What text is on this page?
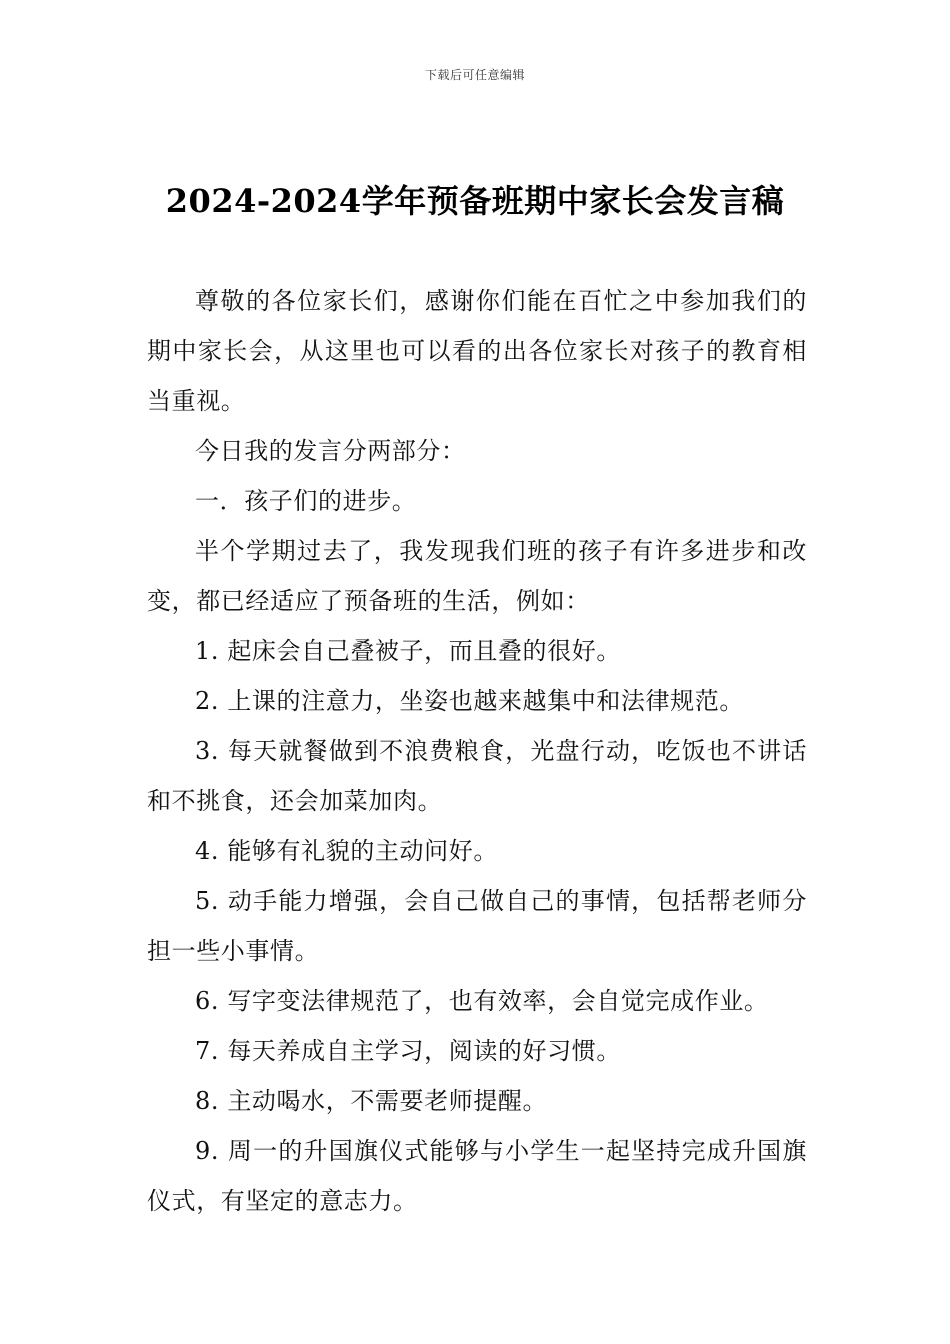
下载后可任意编辑
2024-2024学年预备班期中家长会发言稿

尊敬的各位家长们，感谢你们能在百忙之中参加我们的期中家长会，从这里也可以看的出各位家长对孩子的教育相当重视。

今日我的发言分两部分：

一．孩子们的进步。

半个学期过去了，我发现我们班的孩子有许多进步和改变，都已经适应了预备班的生活，例如：

1. 起床会自己叠被子，而且叠的很好。

2. 上课的注意力，坐姿也越来越集中和法律规范。

3. 每天就餐做到不浪费粮食，光盘行动，吃饭也不讲话和不挑食，还会加菜加肉。

4. 能够有礼貌的主动问好。

5. 动手能力增强，会自己做自己的事情，包括帮老师分担一些小事情。

6. 写字变法律规范了，也有效率，会自觉完成作业。

7. 每天养成自主学习，阅读的好习惯。

8. 主动喝水，不需要老师提醒。

9. 周一的升国旗仪式能够与小学生一起坚持完成升国旗仪式，有坚定的意志力。
